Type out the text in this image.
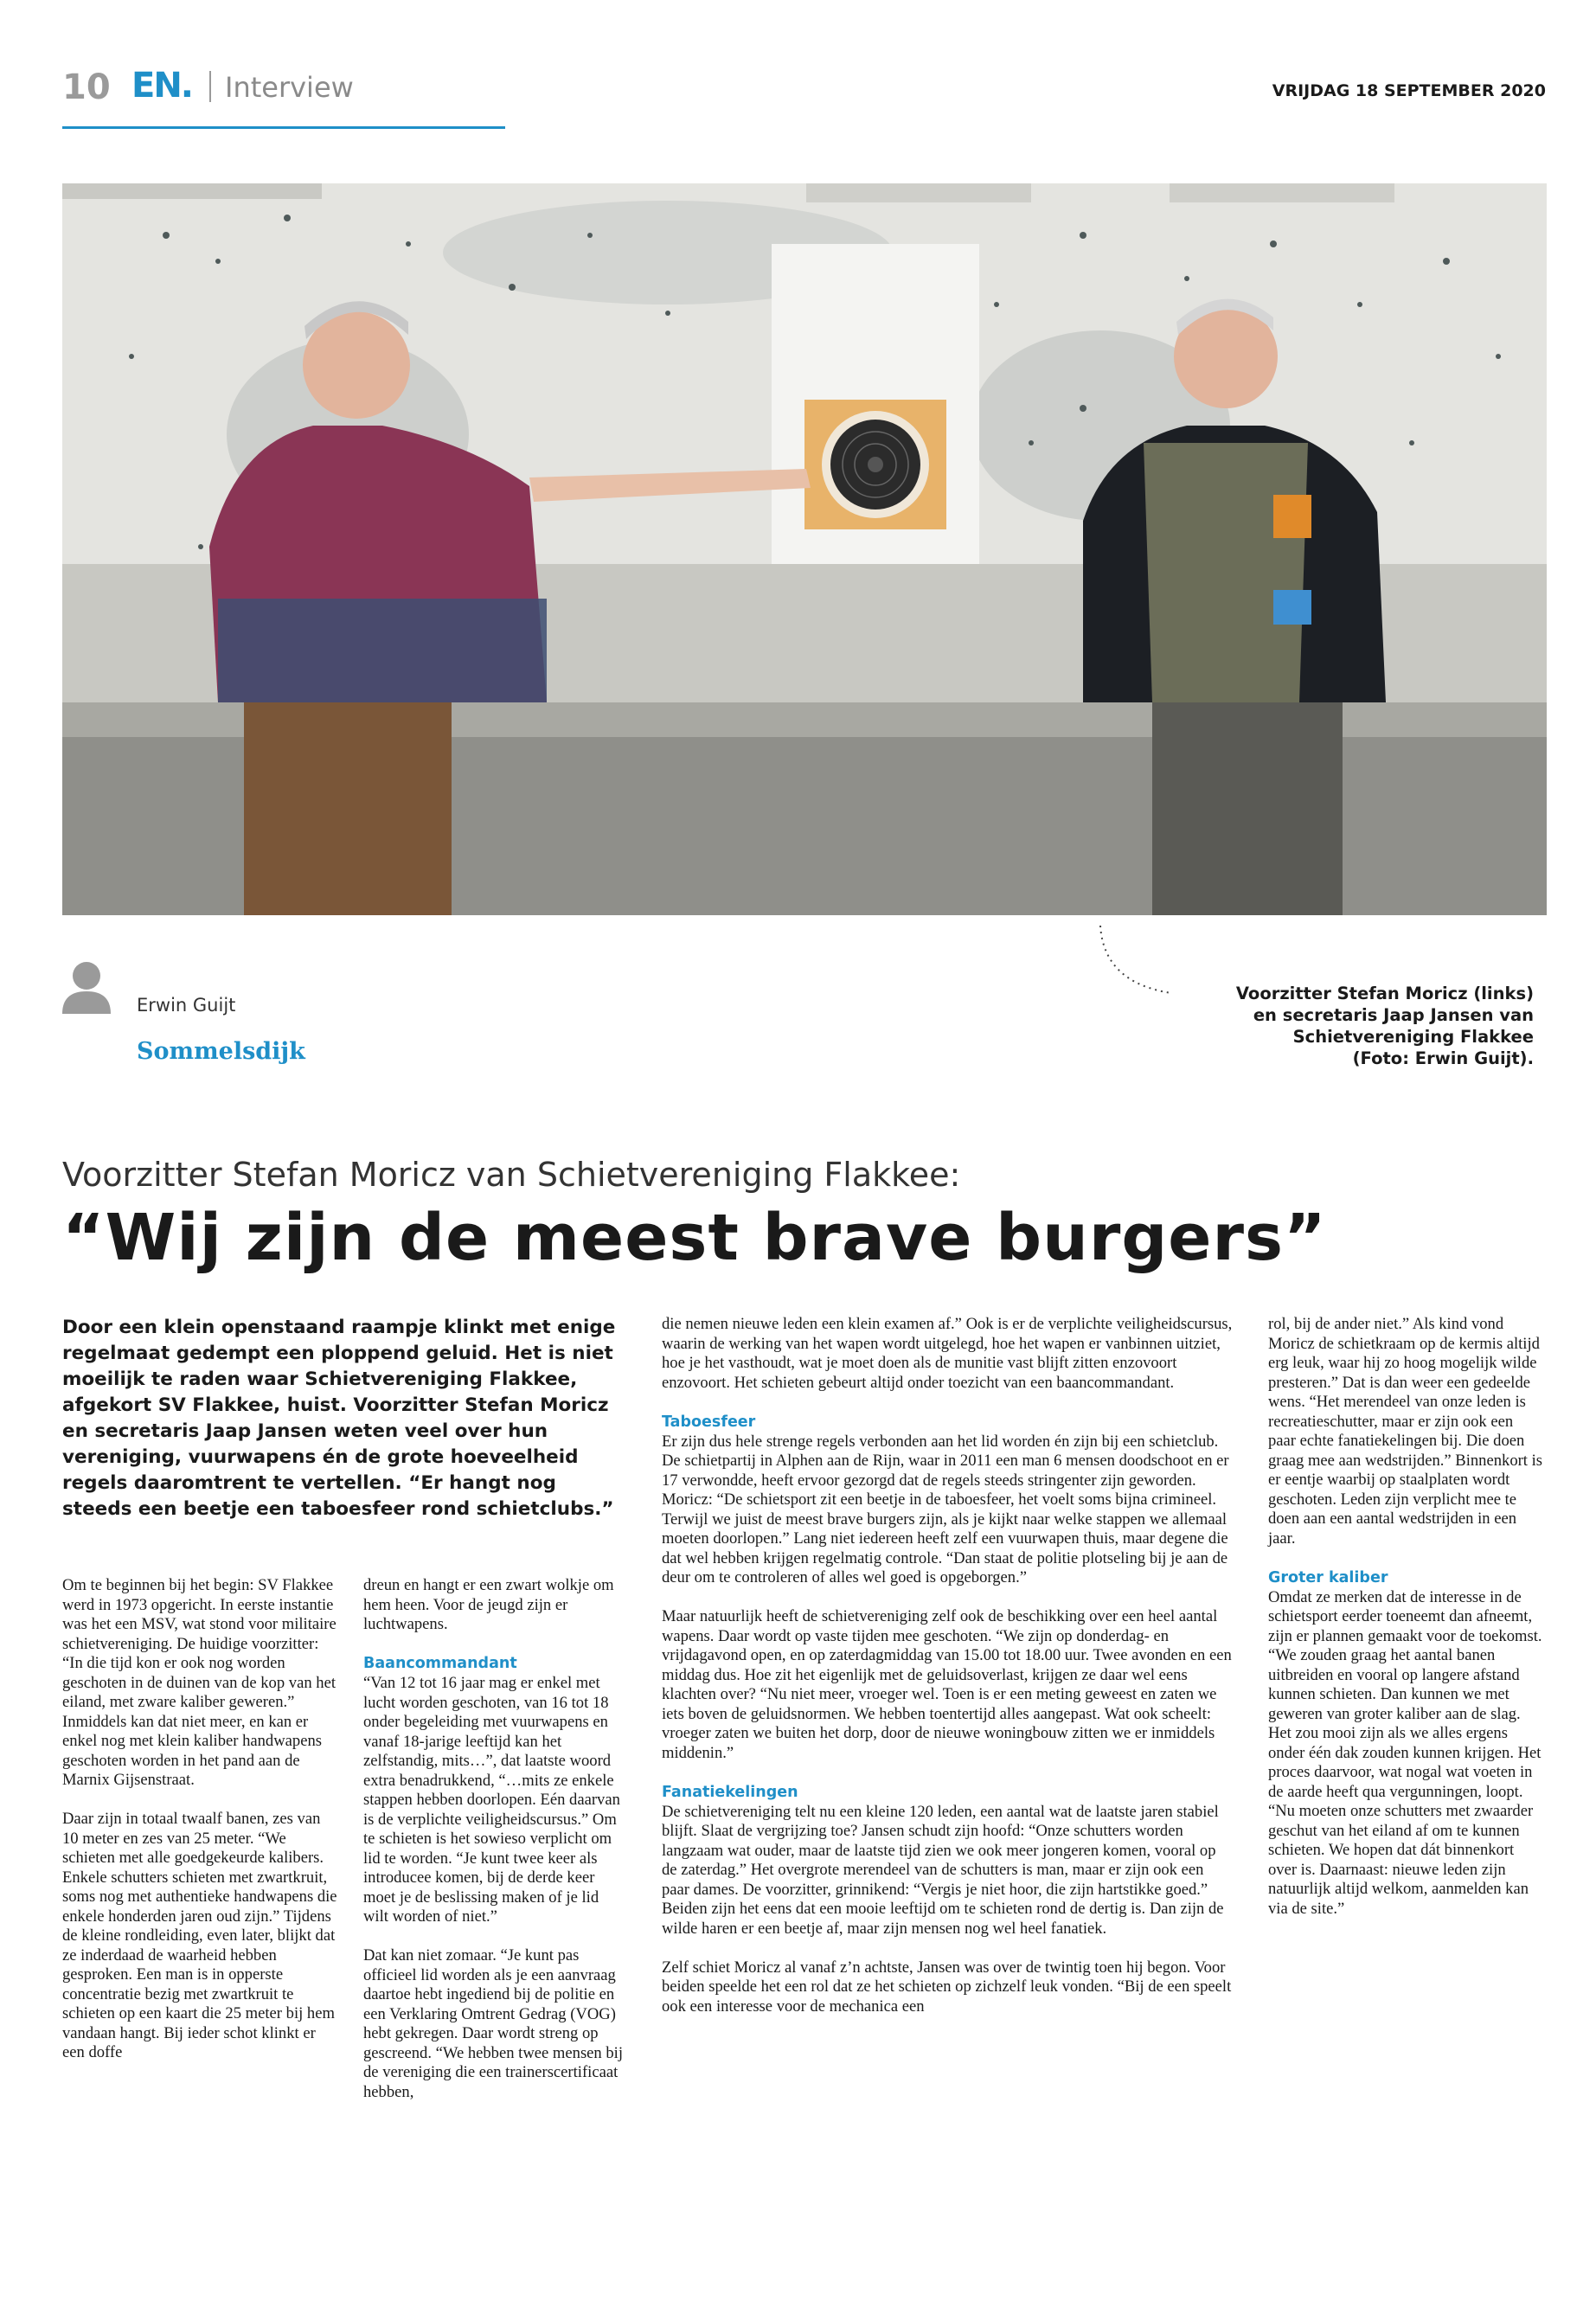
10 EN. Interview	VRIJDAG 18 SEPTEMBER 2020
Erwin Guijt
Sommelsdijk
Voorzitter Stefan Moricz (links)
en secretaris Jaap Jansen van
Schietvereniging Flakkee
(Foto: Erwin Guijt).
Voorzitter Stefan Moricz van Schietvereniging Flakkee:
“Wij zijn de meest brave burgers”
Door een klein openstaand raampje klinkt met enige regelmaat gedempt een ploppend geluid. Het is niet moeilijk te raden waar Schietvereniging Flakkee, afgekort SV Flakkee, huist. Voorzitter Stefan Moricz en secretaris Jaap Jansen weten veel over hun vereniging, vuurwapens én de grote hoeveelheid regels daaromtrent te vertellen. “Er hangt nog steeds een beetje een taboesfeer rond schietclubs.”

Om te beginnen bij het begin: SV Flakkee werd in 1973 opgericht. In eerste instantie was het een MSV, wat stond voor militaire schietvereniging. De huidige voorzitter: “In die tijd kon er ook nog worden geschoten in de duinen van de kop van het eiland, met zware kaliber geweren.” Inmiddels kan dat niet meer, en kan er enkel nog met klein kaliber handwapens geschoten worden in het pand aan de Marnix Gijsenstraat.

Daar zijn in totaal twaalf banen, zes van 10 meter en zes van 25 meter. “We schieten met alle goedgekeurde kalibers. Enkele schutters schieten met zwartkruit, soms nog met authentieke handwapens die enkele honderden jaren oud zijn.” Tijdens de kleine rondleiding, even later, blijkt dat ze inderdaad de waarheid hebben gesproken. Een man is in opperste concentratie bezig met zwartkruit te schieten op een kaart die 25 meter bij hem vandaan hangt. Bij ieder schot klinkt er een doffe

dreun en hangt er een zwart wolkje om hem heen. Voor de jeugd zijn er luchtwapens.

Baancommandant

“Van 12 tot 16 jaar mag er enkel met lucht worden geschoten, van 16 tot 18 onder begeleiding met vuurwapens en vanaf 18-jarige leeftijd kan het zelfstandig, mits…”, dat laatste woord extra benadrukkend, “…mits ze enkele stappen hebben doorlopen. Eén daarvan is de verplichte veiligheidscursus.” Om te schieten is het sowieso verplicht om lid te worden. “Je kunt twee keer als introducee komen, bij de derde keer moet je de beslissing maken of je lid wilt worden of niet.”

Dat kan niet zomaar. “Je kunt pas officieel lid worden als je een aanvraag daartoe hebt ingediend bij de politie en een Verklaring Omtrent Gedrag (VOG) hebt gekregen. Daar wordt streng op gescreend. “We hebben twee mensen bij de vereniging die een trainerscertificaat hebben,

die nemen nieuwe leden een klein examen af.” Ook is er de verplichte veiligheidscursus, waarin de werking van het wapen wordt uitgelegd, hoe het wapen er vanbinnen uitziet, hoe je het vasthoudt, wat je moet doen als de munitie vast blijft zitten enzovoort enzovoort. Het schieten gebeurt altijd onder toezicht van een baancommandant.

Taboesfeer

Er zijn dus hele strenge regels verbonden aan het lid worden én zijn bij een schietclub. De schietpartij in Alphen aan de Rijn, waar in 2011 een man 6 mensen doodschoot en er 17 verwondde, heeft ervoor gezorgd dat de regels steeds stringenter zijn geworden. Moricz: “De schietsport zit een beetje in de taboesfeer, het voelt soms bijna crimineel. Terwijl we juist de meest brave burgers zijn, als je kijkt naar welke stappen we allemaal moeten doorlopen.” Lang niet iedereen heeft zelf een vuurwapen thuis, maar degene die dat wel hebben krijgen regelmatig controle. “Dan staat de politie plotseling bij je aan de deur om te controleren of alles wel goed is opgeborgen.”

Maar natuurlijk heeft de schietvereniging zelf ook de beschikking over een heel aantal wapens. Daar wordt op vaste tijden mee geschoten. “We zijn op donderdag- en vrijdagavond open, en op zaterdagmiddag van 15.00 tot 18.00 uur. Twee avonden en een middag dus. Hoe zit het eigenlijk met de geluidsoverlast, krijgen ze daar wel eens klachten over? “Nu niet meer, vroeger wel. Toen is er een meting geweest en zaten we iets boven de geluidsnormen. We hebben toentertijd alles aangepast. Wat ook scheelt: vroeger zaten we buiten het dorp, door de nieuwe woningbouw zitten we er inmiddels middenin.”

Fanatiekelingen

De schietvereniging telt nu een kleine 120 leden, een aantal wat de laatste jaren stabiel blijft. Slaat de vergrijzing toe? Jansen schudt zijn hoofd: “Onze schutters worden langzaam wat ouder, maar de laatste tijd zien we ook meer jongeren komen, vooral op de zaterdag.” Het overgrote merendeel van de schutters is man, maar er zijn ook een paar dames. De voorzitter, grinnikend: “Vergis je niet hoor, die zijn hartstikke goed.” Beiden zijn het eens dat een mooie leeftijd om te schieten rond de dertig is. Dan zijn de wilde haren er een beetje af, maar zijn mensen nog wel heel fanatiek.

Zelf schiet Moricz al vanaf z’n achtste, Jansen was over de twintig toen hij begon. Voor beiden speelde het een rol dat ze het schieten op zichzelf leuk vonden. “Bij de een speelt ook een interesse voor de mechanica een

rol, bij de ander niet.” Als kind vond Moricz de schietkraam op de kermis altijd erg leuk, waar hij zo hoog mogelijk wilde presteren.” Dat is dan weer een gedeelde wens. “Het merendeel van onze leden is recreatieschutter, maar er zijn ook een paar echte fanatiekelingen bij. Die doen graag mee aan wedstrijden.” Binnenkort is er eentje waarbij op staalplaten wordt geschoten. Leden zijn verplicht mee te doen aan een aantal wedstrijden in een jaar.

Groter kaliber

Omdat ze merken dat de interesse in de schietsport eerder toeneemt dan afneemt, zijn er plannen gemaakt voor de toekomst. “We zouden graag het aantal banen uitbreiden en vooral op langere afstand kunnen schieten. Dan kunnen we met geweren van groter kaliber aan de slag. Het zou mooi zijn als we alles ergens onder één dak zouden kunnen krijgen. Het proces daarvoor, wat nogal wat voeten in de aarde heeft qua vergunningen, loopt. “Nu moeten onze schutters met zwaarder geschut van het eiland af om te kunnen schieten. We hopen dat dát binnenkort over is. Daarnaast: nieuwe leden zijn natuurlijk altijd welkom, aanmelden kan via de site.”
